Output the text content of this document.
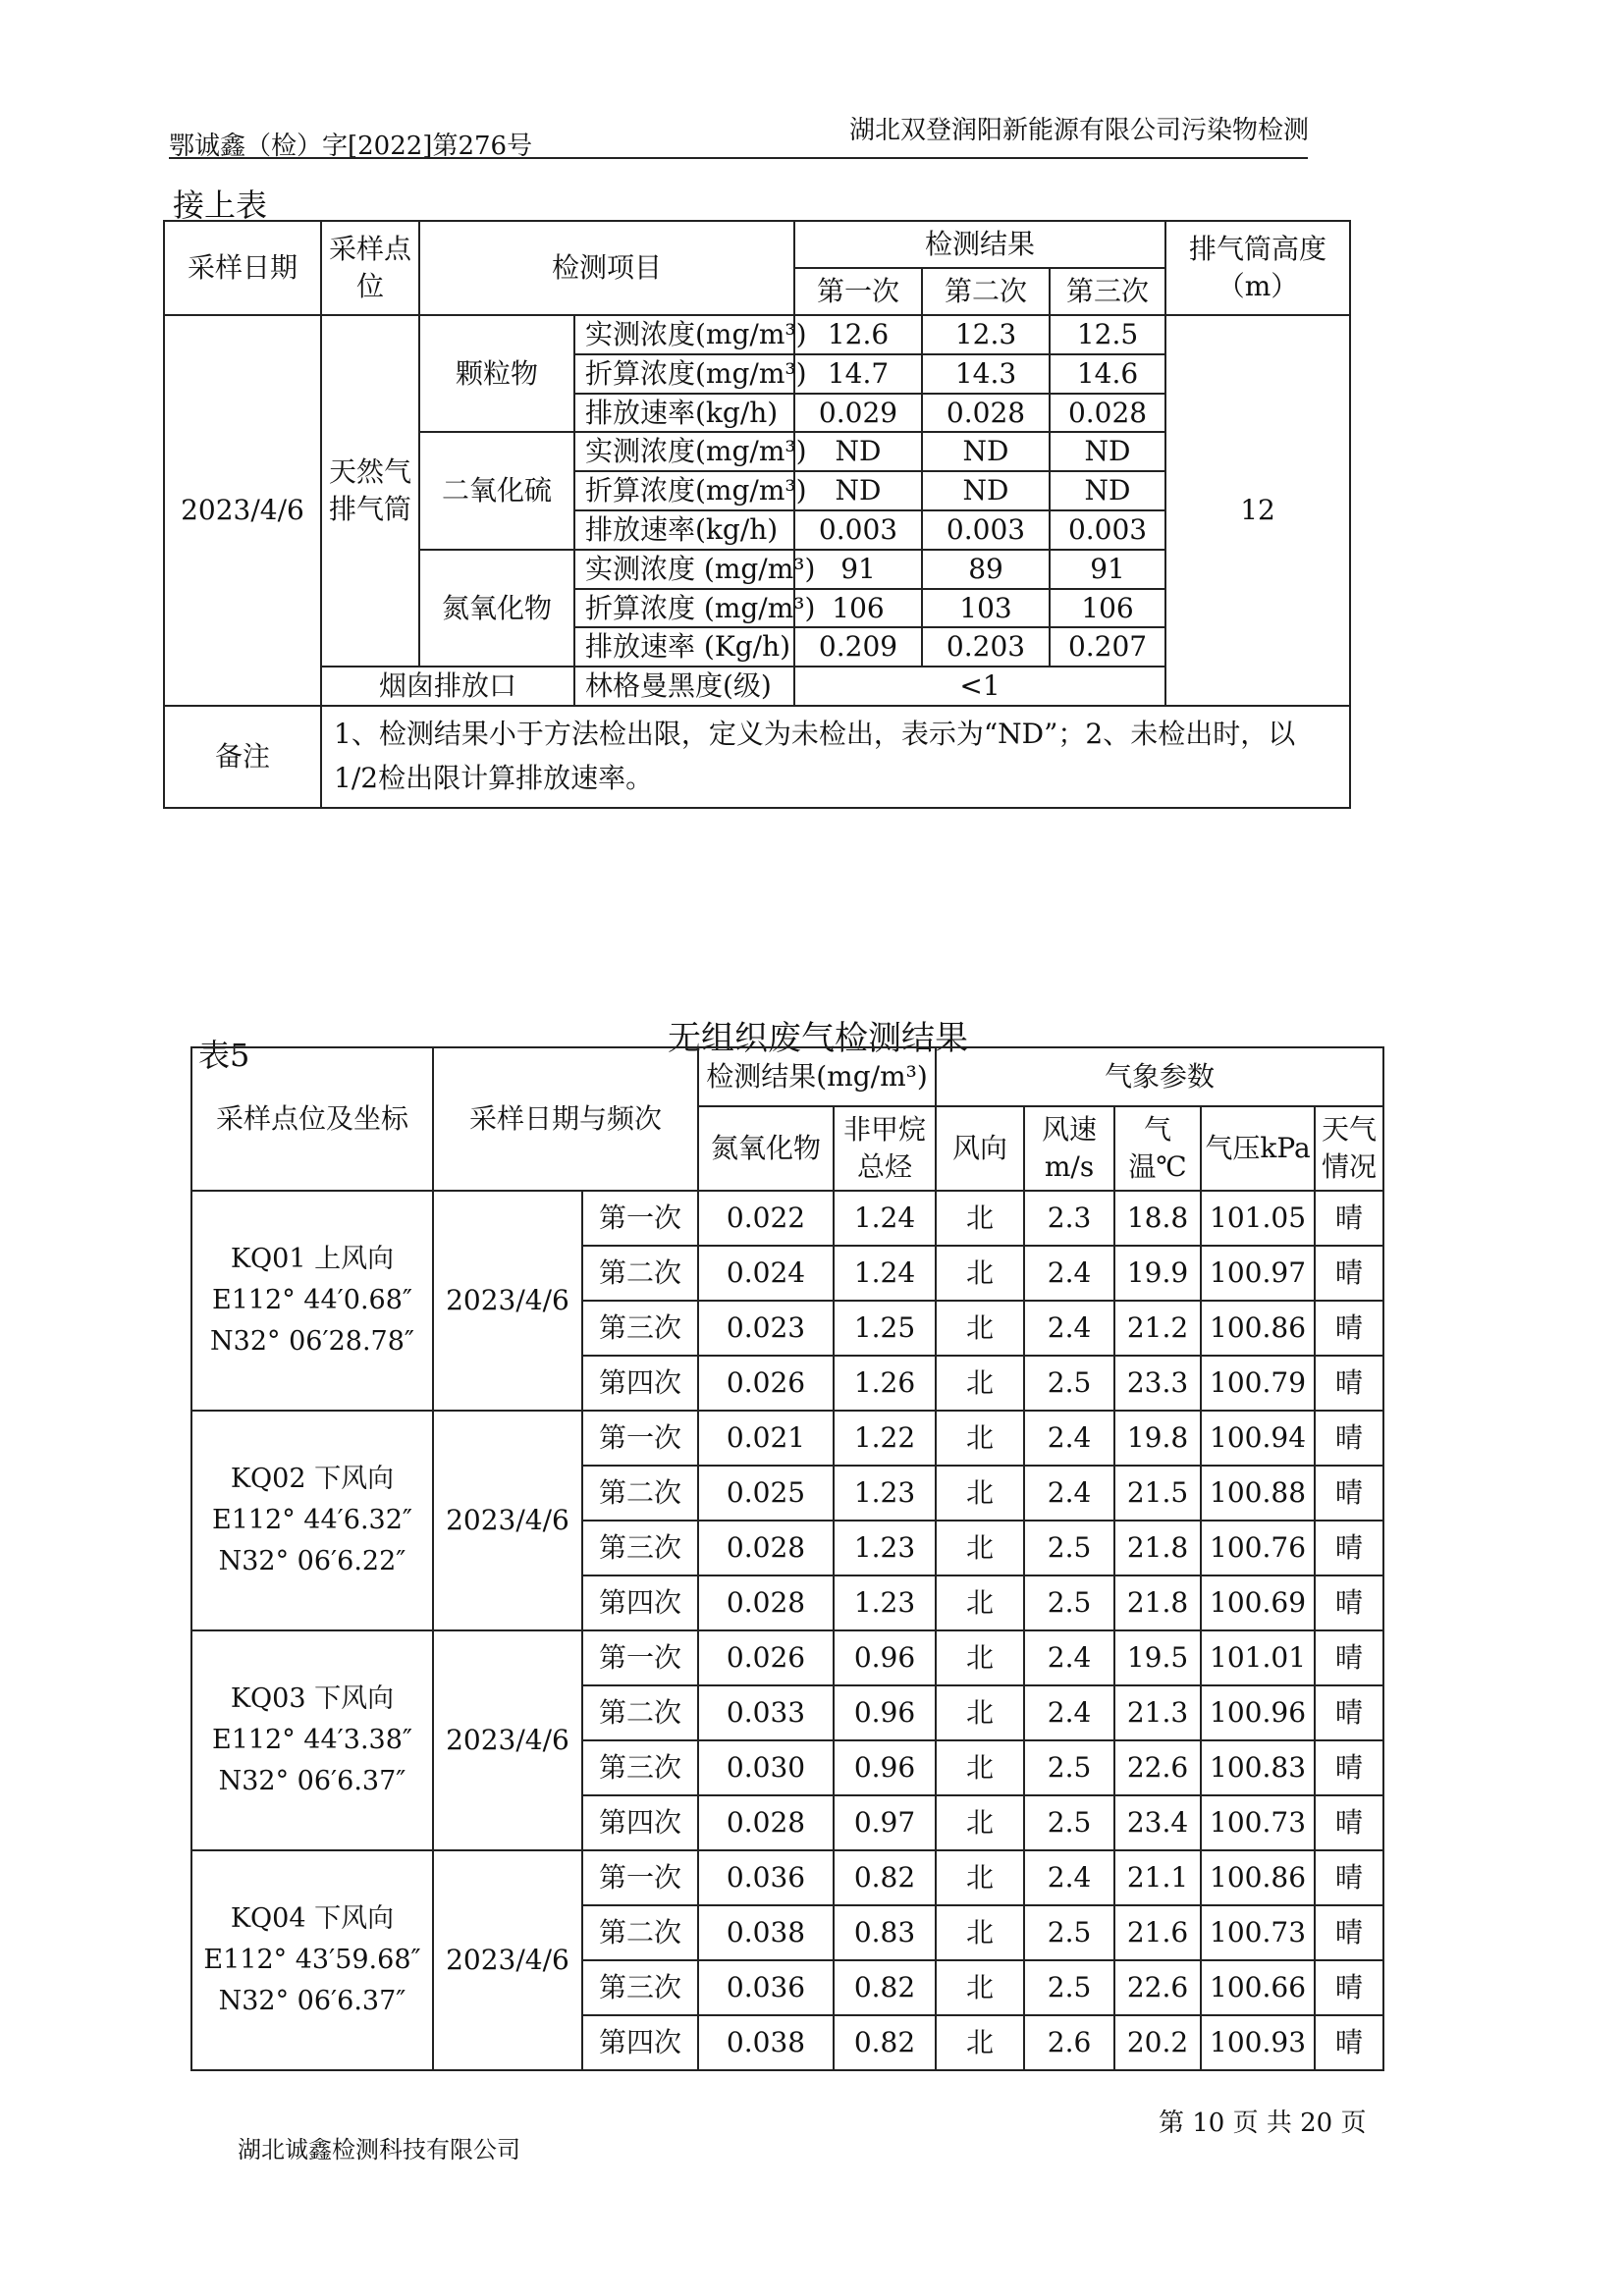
鄂诚鑫（检）字[2022]第276号
湖北双登润阳新能源有限公司污染物检测
接上表
采样日期	采样点位	检测项目		检测结果			排气筒高度（m）
				第一次	第二次	第三次	
2023/4/6	天然气排气筒	颗粒物	实测浓度(mg/m³)	12.6	12.3	12.5	12
			折算浓度(mg/m³)	14.7	14.3	14.6	
			排放速率(kg/h)	0.029	0.028	0.028	
		二氧化硫	实测浓度(mg/m³)	ND	ND	ND	
			折算浓度(mg/m³)	ND	ND	ND	
			排放速率(kg/h)	0.003	0.003	0.003	
		氮氧化物	实测浓度 (mg/m³)	91	89	91	
			折算浓度 (mg/m³)	106	103	106	
			排放速率 (Kg/h)	0.209	0.203	0.207	
	烟囱排放口		林格曼黑度(级)	<1			
备注	1、检测结果小于方法检出限，定义为未检出，表示为“ND”；2、未检出时，以1/2检出限计算排放速率。						
表5	无组织废气检测结果
采样点位及坐标	采样日期与频次		检测结果(mg/m³)		气象参数				
			氮氧化物	非甲烷总烃	风向	风速m/s	气温℃	气压kPa	天气情况

KQ01 上风向
E112° 44′0.68″
N32° 06′28.78″	2023/4/6	第一次	0.022	1.24	北	2.3	18.8	101.05	晴
		第二次	0.024	1.24	北	2.4	19.9	100.97	晴
		第三次	0.023	1.25	北	2.4	21.2	100.86	晴
		第四次	0.026	1.26	北	2.5	23.3	100.79	晴

KQ02 下风向
E112° 44′6.32″
N32° 06′6.22″	2023/4/6	第一次	0.021	1.22	北	2.4	19.8	100.94	晴
		第二次	0.025	1.23	北	2.4	21.5	100.88	晴
		第三次	0.028	1.23	北	2.5	21.8	100.76	晴
		第四次	0.028	1.23	北	2.5	21.8	100.69	晴

KQ03 下风向
E112° 44′3.38″
N32° 06′6.37″	2023/4/6	第一次	0.026	0.96	北	2.4	19.5	101.01	晴
		第二次	0.033	0.96	北	2.4	21.3	100.96	晴
		第三次	0.030	0.96	北	2.5	22.6	100.83	晴
		第四次	0.028	0.97	北	2.5	23.4	100.73	晴

KQ04 下风向
E112° 43′59.68″
N32° 06′6.37″	2023/4/6	第一次	0.036	0.82	北	2.4	21.1	100.86	晴
		第二次	0.038	0.83	北	2.5	21.6	100.73	晴
		第三次	0.036	0.82	北	2.5	22.6	100.66	晴
		第四次	0.038	0.82	北	2.6	20.2	100.93	晴
湖北诚鑫检测科技有限公司
第 10 页 共 20 页
